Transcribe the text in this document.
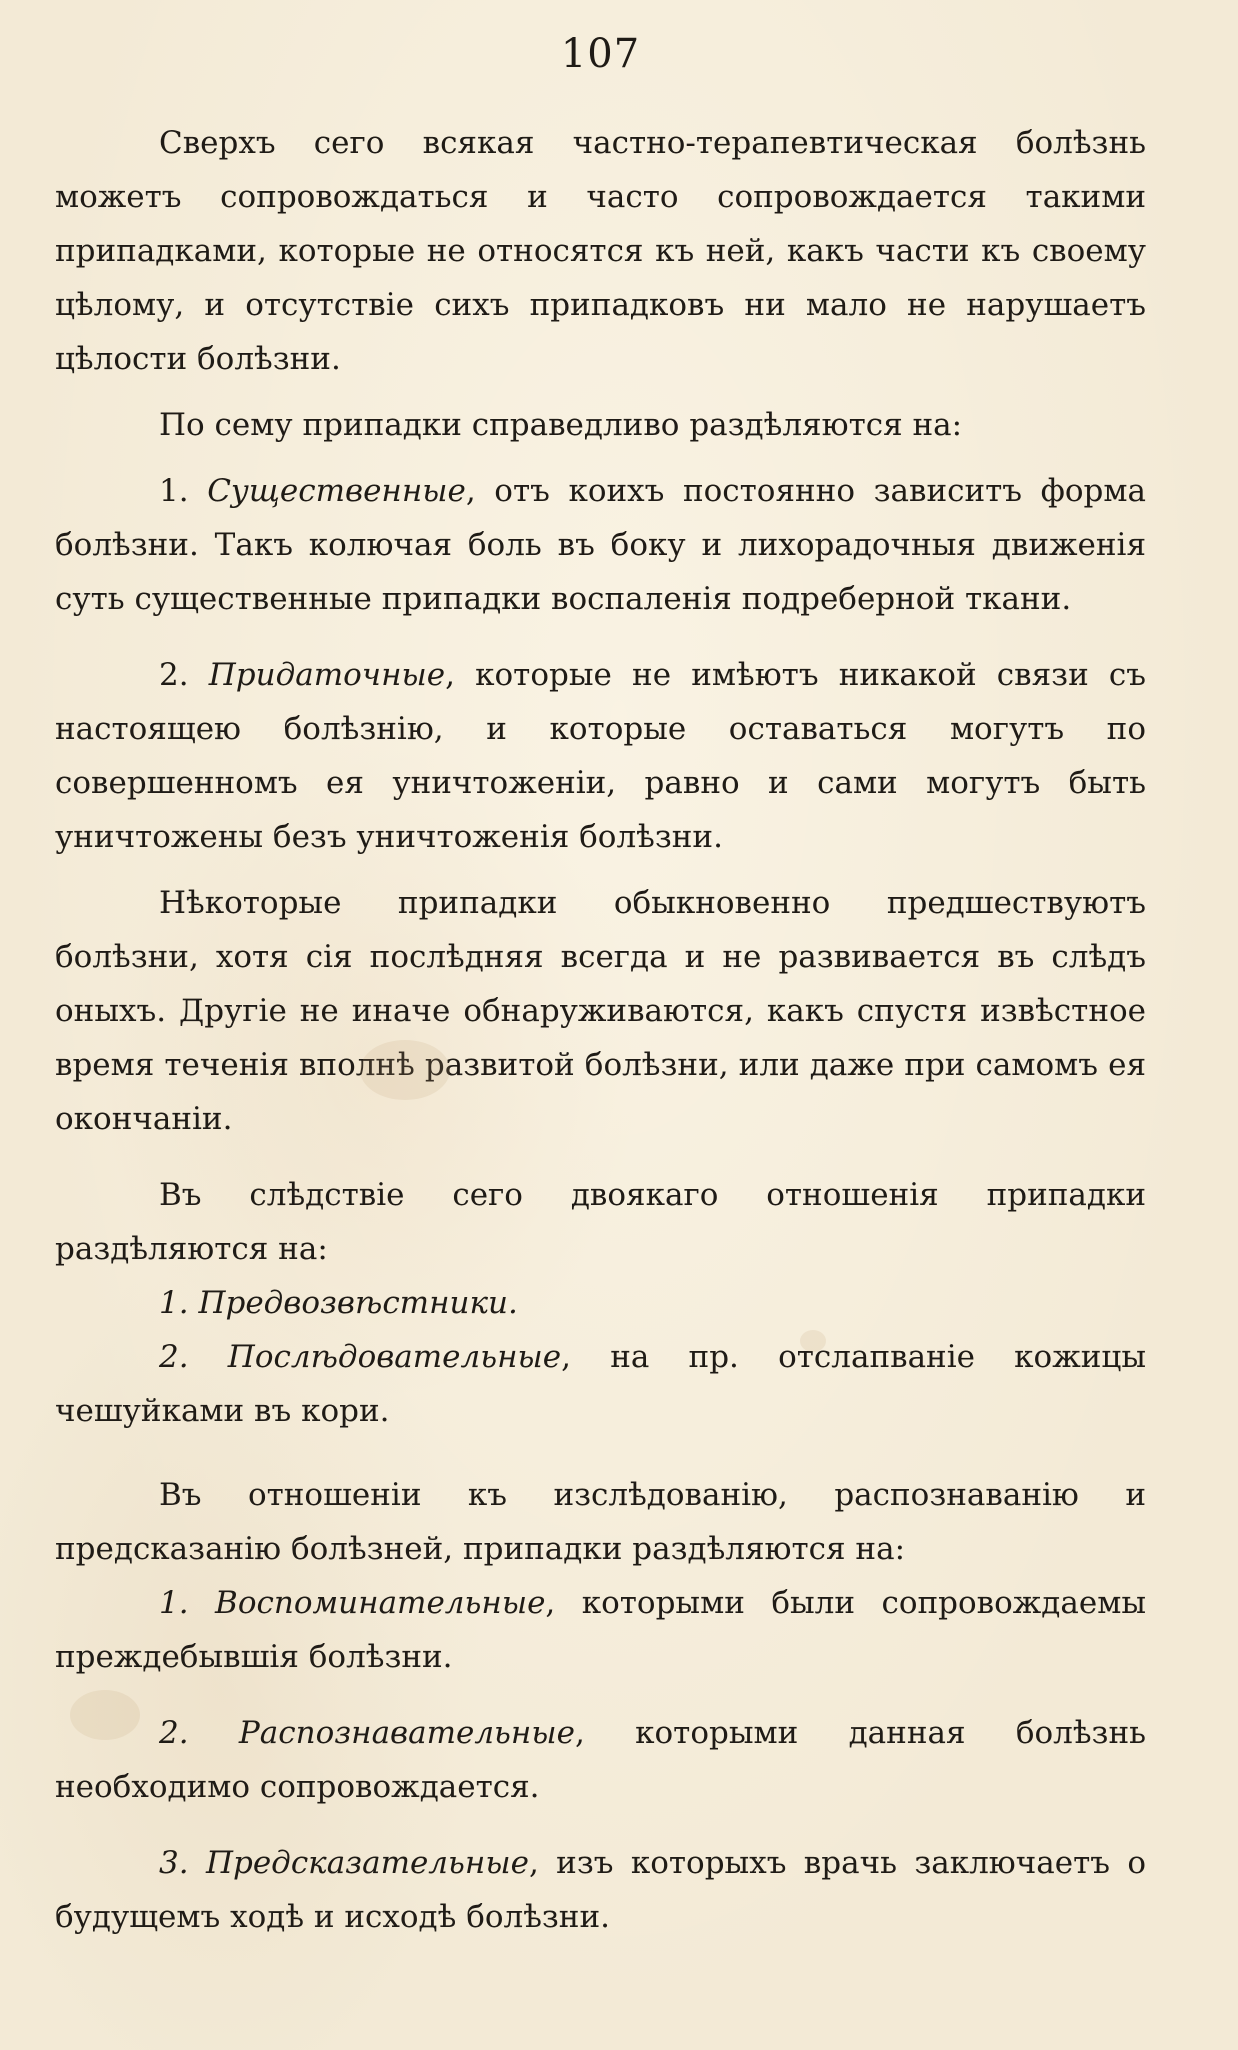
107

Сверхъ сего всякая частно-терапевтическая болѣзнь можетъ сопровождаться и часто сопровождается такими припадками, которые не относятся къ ней, какъ части къ своему цѣлому, и отсутствіе сихъ припадковъ ни мало не нарушаетъ цѣлости болѣзни.

По сему припадки справедливо раздѣляются на:

1. Существенные, отъ коихъ постоянно зависитъ форма болѣзни. Такъ колючая боль въ боку и лихорадочныя движенія суть существенные припадки воспаленія подреберной ткани.

2. Придаточные, которые не имѣютъ никакой связи съ настоящею болѣзнію, и которые оставаться могутъ по совершенномъ ея уничтоженіи, равно и сами могутъ быть уничтожены безъ уничтоженія болѣзни.

Нѣкоторые припадки обыкновенно предшествуютъ болѣзни, хотя сія послѣдняя всегда и не развивается въ слѣдъ оныхъ. Другіе не иначе обнаруживаются, какъ спустя извѣстное время теченія вполнѣ развитой болѣзни, или даже при самомъ ея окончаніи.

Въ слѣдствіе сего двоякаго отношенія припадки раздѣляются на:

1. Предвозвѣстники.

2. Послѣдовательные, на пр. отслапваніе кожицы чешуйками въ кори.

Въ отношеніи къ изслѣдованію, распознаванію и предсказанію болѣзней, припадки раздѣляются на:

1. Воспоминательные, которыми были сопровождаемы преждебывшія болѣзни.

2. Распознавательные, которыми данная болѣзнь необходимо сопровождается.

3. Предсказательные, изъ которыхъ врачь заключаетъ о будущемъ ходѣ и исходѣ болѣзни.
